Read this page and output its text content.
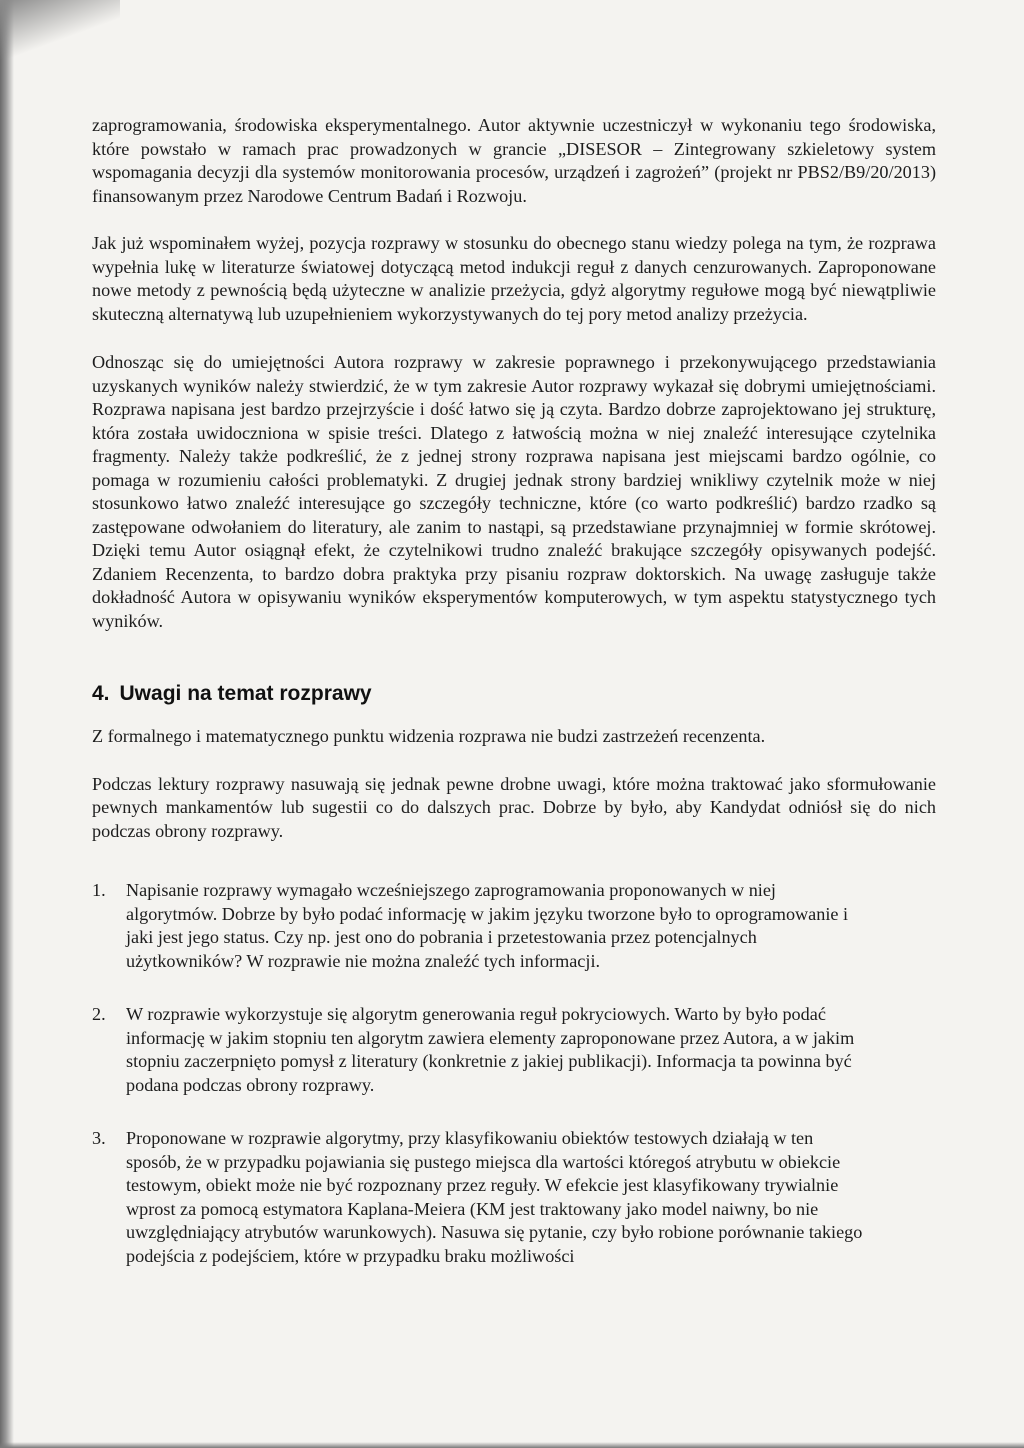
zaprogramowania, środowiska eksperymentalnego. Autor aktywnie uczestniczył w wykonaniu tego środowiska, które powstało w ramach prac prowadzonych w grancie „DISESOR – Zintegrowany szkieletowy system wspomagania decyzji dla systemów monitorowania procesów, urządzeń i zagrożeń” (projekt nr PBS2/B9/20/2013) finansowanym przez Narodowe Centrum Badań i Rozwoju.

Jak już wspominałem wyżej, pozycja rozprawy w stosunku do obecnego stanu wiedzy polega na tym, że rozprawa wypełnia lukę w literaturze światowej dotyczącą metod indukcji reguł z danych cenzurowanych. Zaproponowane nowe metody z pewnością będą użyteczne w analizie przeżycia, gdyż algorytmy regułowe mogą być niewątpliwie skuteczną alternatywą lub uzupełnieniem wykorzystywanych do tej pory metod analizy przeżycia.

Odnosząc się do umiejętności Autora rozprawy w zakresie poprawnego i przekonywującego przedstawiania uzyskanych wyników należy stwierdzić, że w tym zakresie Autor rozprawy wykazał się dobrymi umiejętnościami. Rozprawa napisana jest bardzo przejrzyście i dość łatwo się ją czyta. Bardzo dobrze zaprojektowano jej strukturę, która została uwidoczniona w spisie treści. Dlatego z łatwością można w niej znaleźć interesujące czytelnika fragmenty. Należy także podkreślić, że z jednej strony rozprawa napisana jest miejscami bardzo ogólnie, co pomaga w rozumieniu całości problematyki. Z drugiej jednak strony bardziej wnikliwy czytelnik może w niej stosunkowo łatwo znaleźć interesujące go szczegóły techniczne, które (co warto podkreślić) bardzo rzadko są zastępowane odwołaniem do literatury, ale zanim to nastąpi, są przedstawiane przynajmniej w formie skrótowej. Dzięki temu Autor osiągnął efekt, że czytelnikowi trudno znaleźć brakujące szczegóły opisywanych podejść. Zdaniem Recenzenta, to bardzo dobra praktyka przy pisaniu rozpraw doktorskich. Na uwagę zasługuje także dokładność Autora w opisywaniu wyników eksperymentów komputerowych, w tym aspektu statystycznego tych wyników.

4. Uwagi na temat rozprawy

Z formalnego i matematycznego punktu widzenia rozprawa nie budzi zastrzeżeń recenzenta.

Podczas lektury rozprawy nasuwają się jednak pewne drobne uwagi, które można traktować jako sformułowanie pewnych mankamentów lub sugestii co do dalszych prac. Dobrze by było, aby Kandydat odniósł się do nich podczas obrony rozprawy.

1.	Napisanie rozprawy wymagało wcześniejszego zaprogramowania proponowanych w niej algorytmów. Dobrze by było podać informację w jakim języku tworzone było to oprogramowanie i jaki jest jego status. Czy np. jest ono do pobrania i przetestowania przez potencjalnych użytkowników? W rozprawie nie można znaleźć tych informacji.
2.	W rozprawie wykorzystuje się algorytm generowania reguł pokryciowych. Warto by było podać informację w jakim stopniu ten algorytm zawiera elementy zaproponowane przez Autora, a w jakim stopniu zaczerpnięto pomysł z literatury (konkretnie z jakiej publikacji). Informacja ta powinna być podana podczas obrony rozprawy.
3.	Proponowane w rozprawie algorytmy, przy klasyfikowaniu obiektów testowych działają w ten sposób, że w przypadku pojawiania się pustego miejsca dla wartości któregoś atrybutu w obiekcie testowym, obiekt może nie być rozpoznany przez reguły. W efekcie jest klasyfikowany trywialnie wprost za pomocą estymatora Kaplana-Meiera (KM jest traktowany jako model naiwny, bo nie uwzględniający atrybutów warunkowych). Nasuwa się pytanie, czy było robione porównanie takiego podejścia z podejściem, które w przypadku braku możliwości
